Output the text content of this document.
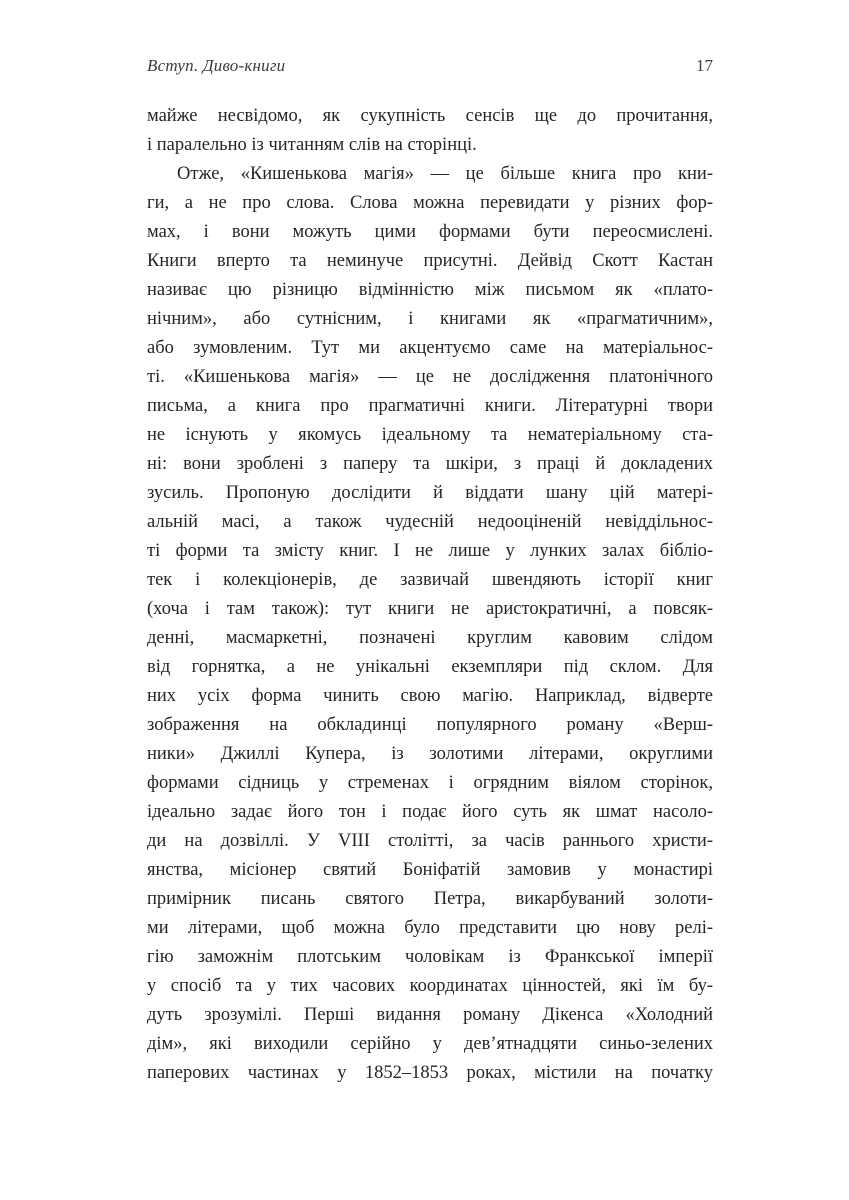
Вступ. Диво-книги	17
майже несвідомо, як сукупність сенсів ще до прочитання,
і паралельно із читанням слів на сторінці.
Отже, «Кишенькова магія» — це більше книга про кни-
ги, а не про слова. Слова можна перевидати у різних фор-
мах, і вони можуть цими формами бути переосмислені.
Книги вперто та неминуче присутні. Дейвід Скотт Кастан
називає цю різницю відмінністю між письмом як «плато-
нічним», або сутнісним, і книгами як «прагматичним»,
або зумовленим. Тут ми акцентуємо саме на матеріальнос-
ті. «Кишенькова магія» — це не дослідження платонічного
письма, а книга про прагматичні книги. Літературні твори
не існують у якомусь ідеальному та нематеріальному ста-
ні: вони зроблені з паперу та шкіри, з праці й докладених
зусиль. Пропоную дослідити й віддати шану цій матері-
альній масі, а також чудесній недооціненій невіддільнос-
ті форми та змісту книг. І не лише у лунких залах бібліо-
тек і колекціонерів, де зазвичай швендяють історії книг
(хоча і там також): тут книги не аристократичні, а повсяк-
денні, масмаркетні, позначені круглим кавовим слідом
від горнятка, а не унікальні екземпляри під склом. Для
них усіх форма чинить свою магію. Наприклад, відверте
зображення на обкладинці популярного роману «Верш-
ники» Джиллі Купера, із золотими літерами, округлими
формами сідниць у стременах і огрядним віялом сторінок,
ідеально задає його тон і подає його суть як шмат насоло-
ди на дозвіллі. У VIII столітті, за часів раннього христи-
янства, місіонер святий Боніфатій замовив у монастирі
примірник писань святого Петра, викарбуваний золоти-
ми літерами, щоб можна було представити цю нову релі-
гію заможнім плотським чоловікам із Франкської імперії
у спосіб та у тих часових координатах цінностей, які їм бу-
дуть зрозумілі. Перші видання роману Дікенса «Холодний
дім», які виходили серійно у дев’ятнадцяти синьо-зелених
паперових частинах у 1852–1853 роках, містили на початку
